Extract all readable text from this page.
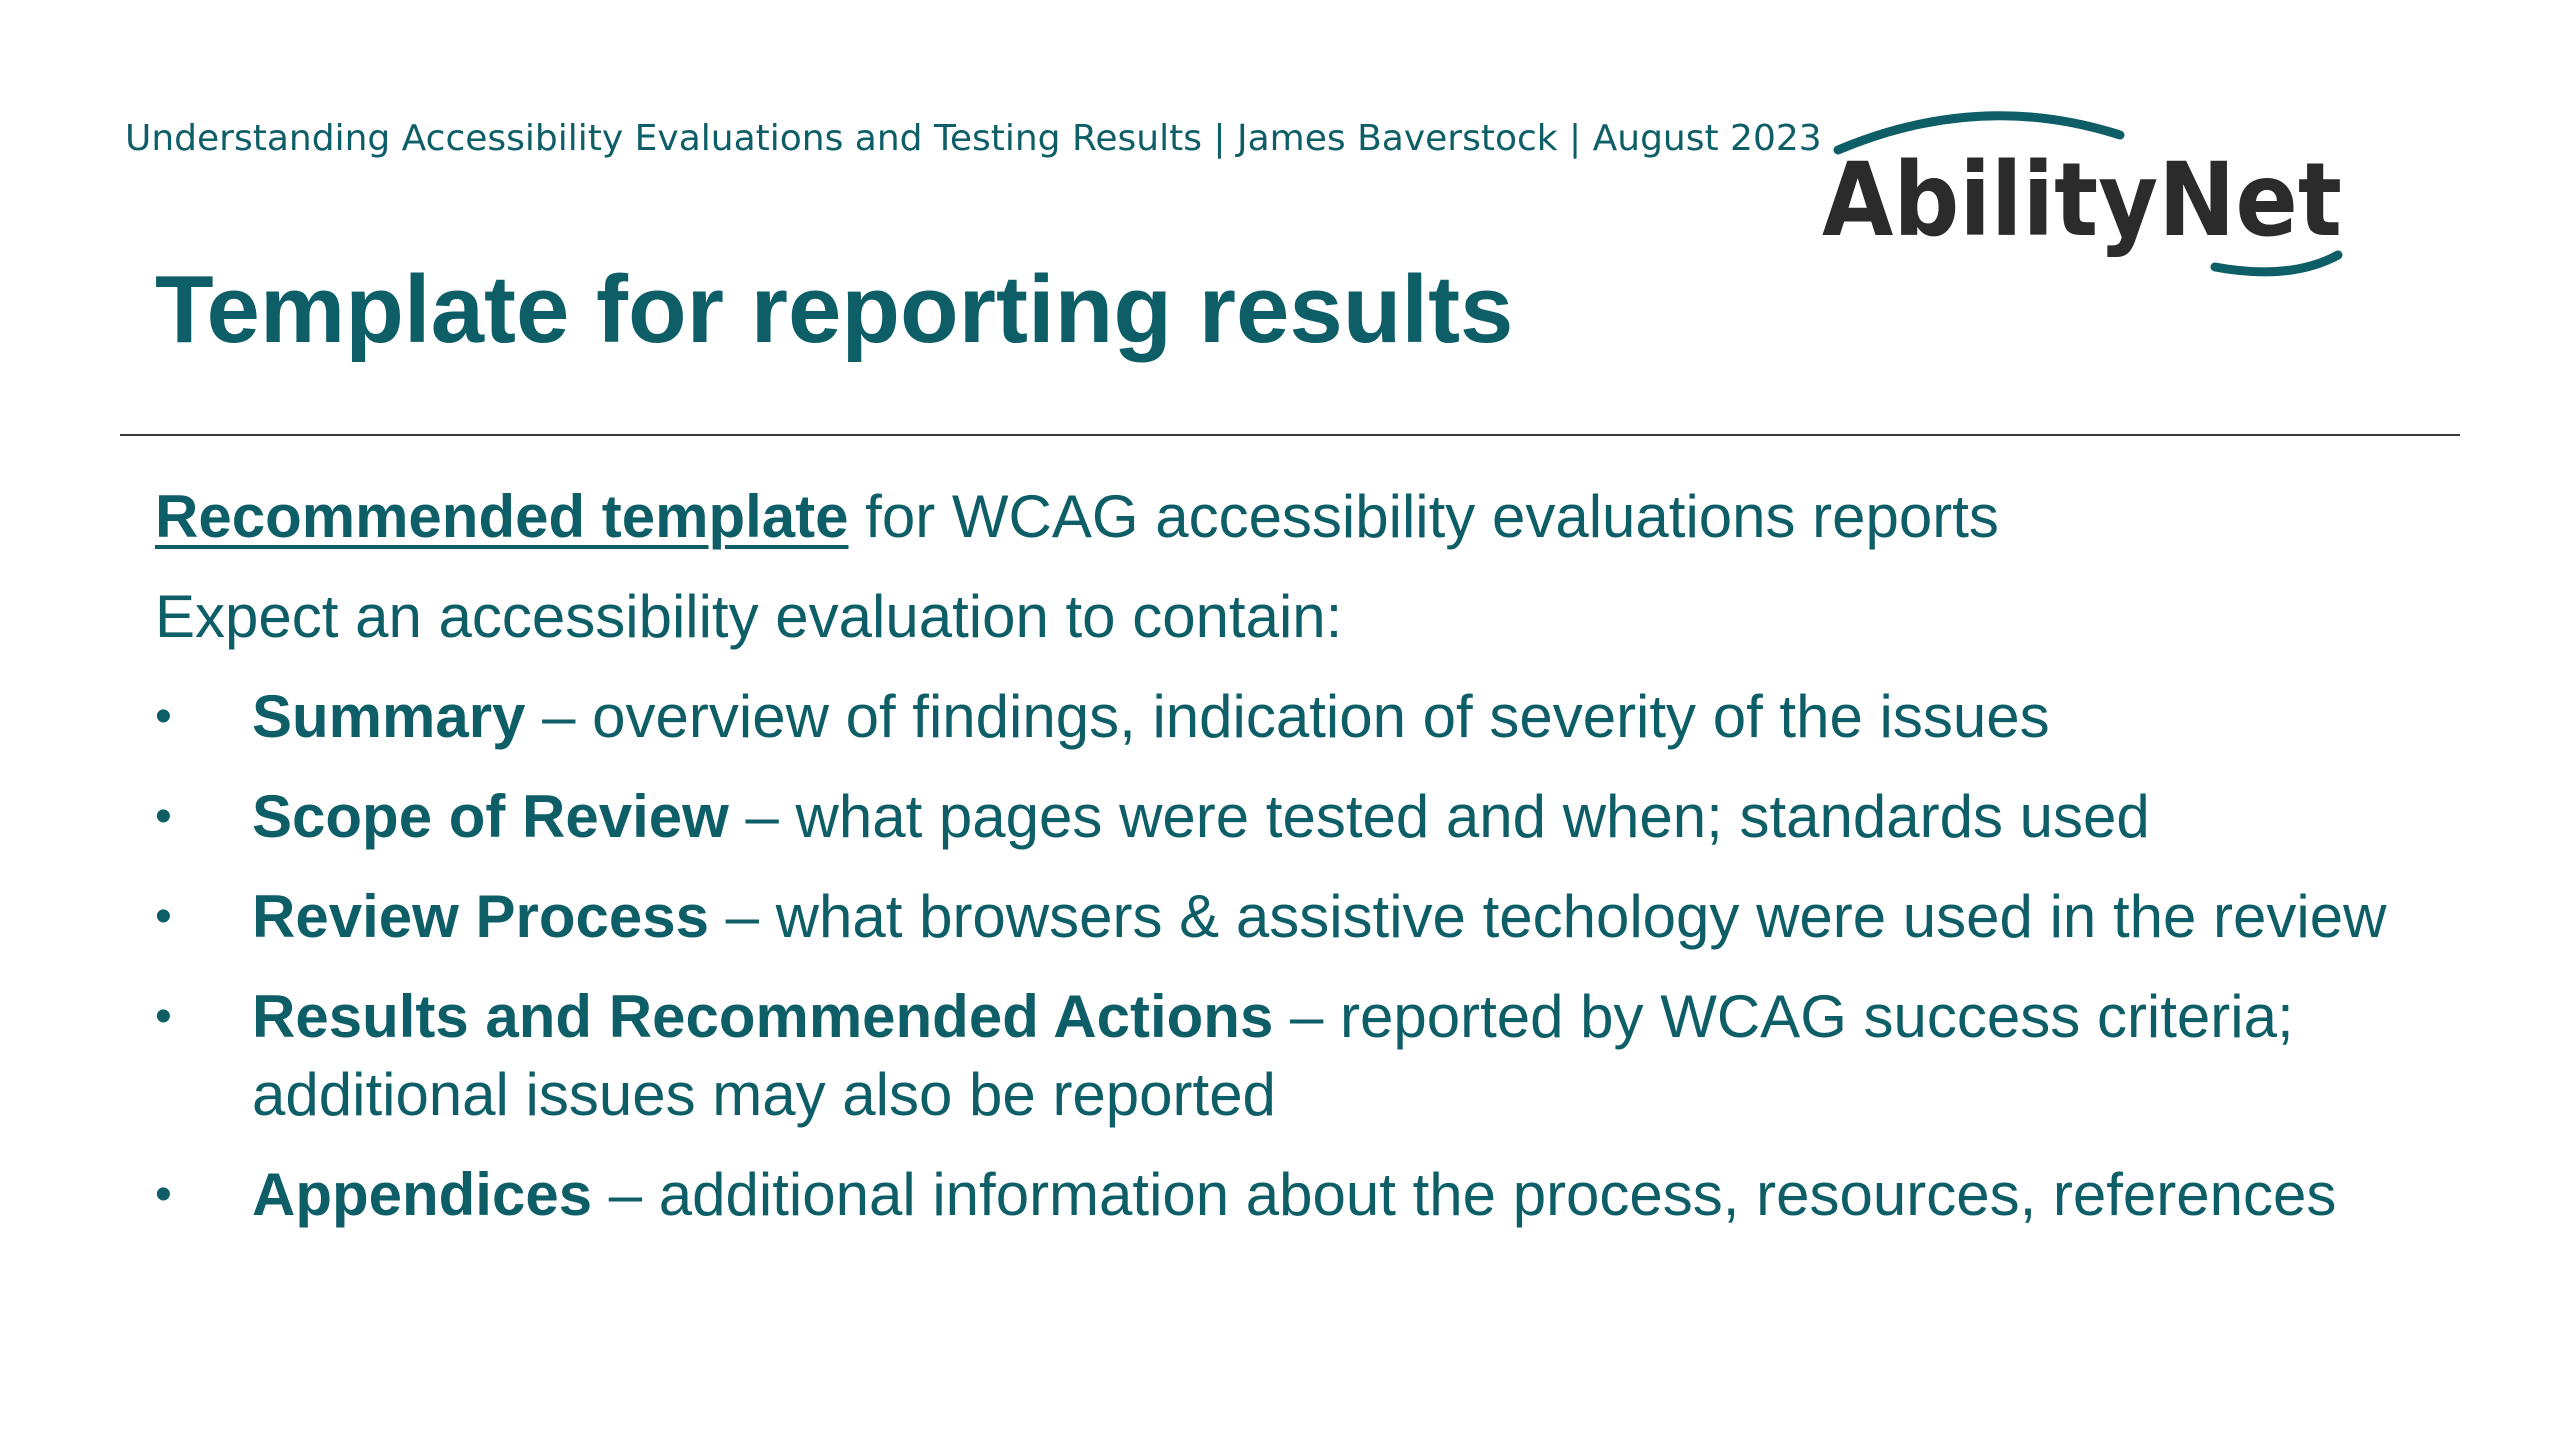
Understanding Accessibility Evaluations and Testing Results | James Baverstock | August 2023
AbilityNet
Template for reporting results

Recommended template for WCAG accessibility evaluations reports

Expect an accessibility evaluation to contain:

•	Summary – overview of findings, indication of severity of the issues
•	Scope of Review – what pages were tested and when; standards used
•	Review Process – what browsers & assistive techology were used in the review
•	Results and Recommended Actions – reported by WCAG success criteria; additional issues may also be reported
•	Appendices – additional information about the process, resources, references
